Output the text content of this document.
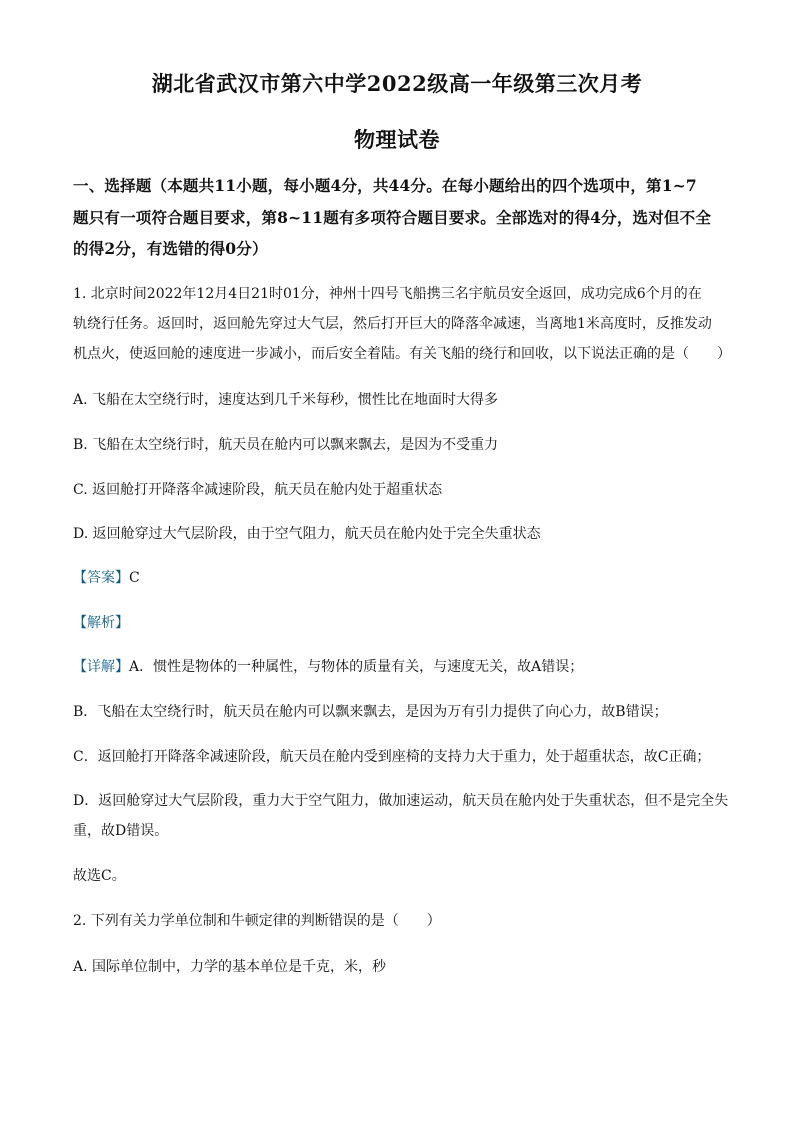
湖北省武汉市第六中学2022级高一年级第三次月考
物理试卷
一、选择题（本题共11小题，每小题4分，共44分。在每小题给出的四个选项中，第1~7
题只有一项符合题目要求，第8~11题有多项符合题目要求。全部选对的得4分，选对但不全
的得2分，有选错的得0分）
1. 北京时间2022年12月4日21时01分，神州十四号飞船携三名宇航员安全返回，成功完成6个月的在
轨绕行任务。返回时，返回舱先穿过大气层，然后打开巨大的降落伞减速，当离地1米高度时，反推发动
机点火，使返回舱的速度进一步减小，而后安全着陆。有关飞船的绕行和回收，以下说法正确的是（　　）
A. 飞船在太空绕行时，速度达到几千米每秒，惯性比在地面时大得多
B. 飞船在太空绕行时，航天员在舱内可以飘来飘去，是因为不受重力
C. 返回舱打开降落伞减速阶段，航天员在舱内处于超重状态
D. 返回舱穿过大气层阶段，由于空气阻力，航天员在舱内处于完全失重状态
【答案】C
【解析】
【详解】A．惯性是物体的一种属性，与物体的质量有关，与速度无关，故A错误；
B．飞船在太空绕行时，航天员在舱内可以飘来飘去，是因为万有引力提供了向心力，故B错误；
C．返回舱打开降落伞减速阶段，航天员在舱内受到座椅的支持力大于重力，处于超重状态，故C正确；
D．返回舱穿过大气层阶段，重力大于空气阻力，做加速运动，航天员在舱内处于失重状态，但不是完全失
重，故D错误。
故选C。
2. 下列有关力学单位制和牛顿定律的判断错误的是（　　）
A. 国际单位制中，力学的基本单位是千克，米，秒
